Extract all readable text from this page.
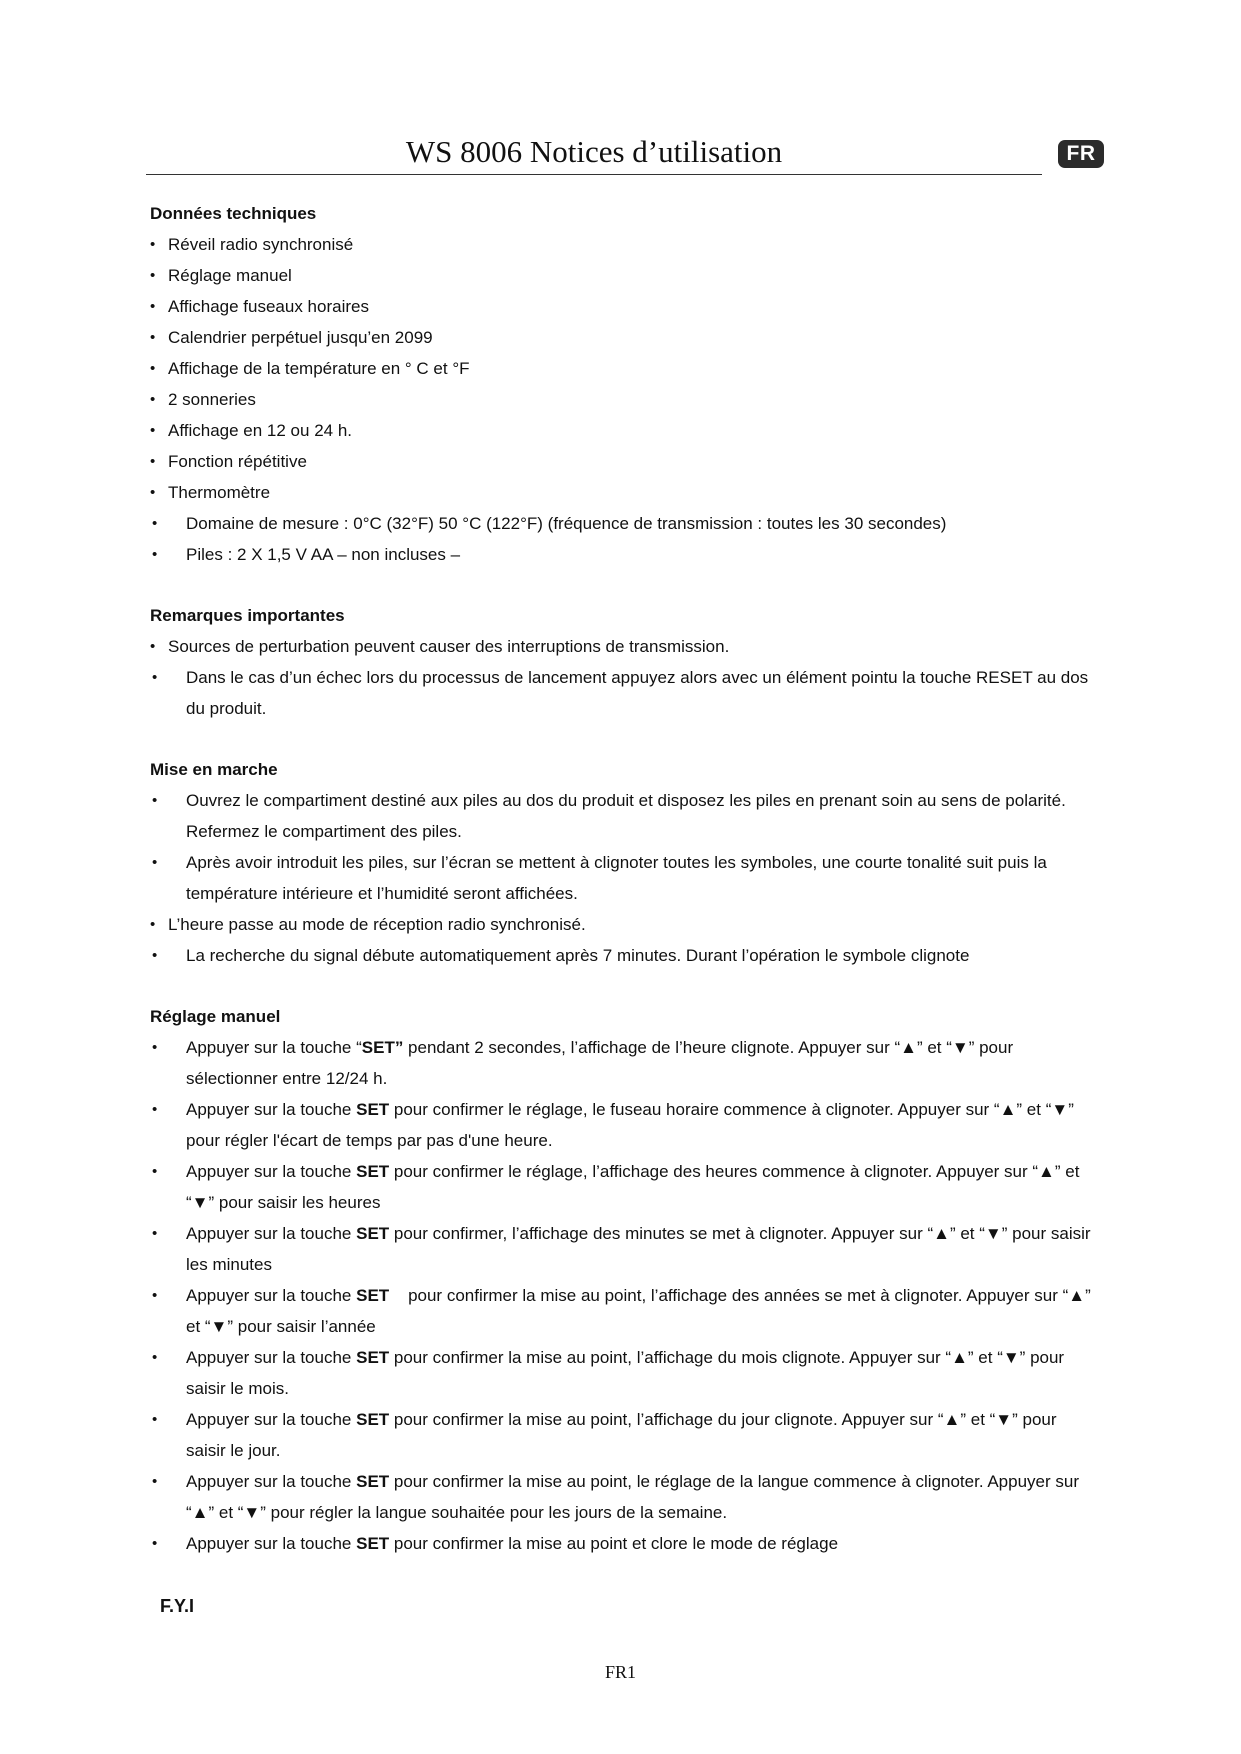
WS 8006 Notices d’utilisation	FR
Données techniques
• Réveil radio synchronisé
• Réglage manuel
• Affichage fuseaux horaires
• Calendrier perpétuel jusqu’en 2099
• Affichage de la température en ° C et °F
• 2 sonneries
• Affichage en 12 ou 24 h.
• Fonction répétitive
• Thermomètre
• Domaine de mesure : 0°C (32°F) 50 °C (122°F) (fréquence de transmission : toutes les 30 secondes)
• Piles : 2 X 1,5 V AA – non incluses –
Remarques importantes
• Sources de perturbation peuvent causer des interruptions de transmission.
• Dans le cas d’un échec lors du processus de lancement appuyez alors avec un élément pointu la touche RESET au dos du produit.
Mise en marche
• Ouvrez le compartiment destiné aux piles au dos du produit et disposez les piles en prenant soin au sens de polarité. Refermez le compartiment des piles.
• Après avoir introduit les piles, sur l’écran se mettent à clignoter toutes les symboles, une courte tonalité suit puis la température intérieure et l’humidité seront affichées.
• L’heure passe au mode de réception radio synchronisé.
• La recherche du signal débute automatiquement après 7 minutes. Durant l’opération le symbole clignote
Réglage manuel
• Appuyer sur la touche “SET” pendant 2 secondes, l’affichage de l’heure clignote. Appuyer sur “▲” et “▼” pour sélectionner entre 12/24 h.
• Appuyer sur la touche SET pour confirmer le réglage, le fuseau horaire commence à clignoter. Appuyer sur “▲” et “▼” pour régler l'écart de temps par pas d'une heure.
• Appuyer sur la touche SET pour confirmer le réglage, l’affichage des heures commence à clignoter. Appuyer sur “▲” et “▼” pour saisir les heures
• Appuyer sur la touche SET pour confirmer, l’affichage des minutes se met à clignoter. Appuyer sur “▲” et “▼” pour saisir les minutes
• Appuyer sur la touche SET    pour confirmer la mise au point, l’affichage des années se met à clignoter. Appuyer sur “▲” et “▼” pour saisir l’année
• Appuyer sur la touche SET pour confirmer la mise au point, l’affichage du mois clignote. Appuyer sur “▲” et “▼” pour saisir le mois.
• Appuyer sur la touche SET pour confirmer la mise au point, l’affichage du jour clignote. Appuyer sur “▲” et “▼” pour saisir le jour.
• Appuyer sur la touche SET pour confirmer la mise au point, le réglage de la langue commence à clignoter. Appuyer sur “▲” et “▼” pour régler la langue souhaitée pour les jours de la semaine.
• Appuyer sur la touche SET pour confirmer la mise au point et clore le mode de réglage
F.Y.I
FR1
